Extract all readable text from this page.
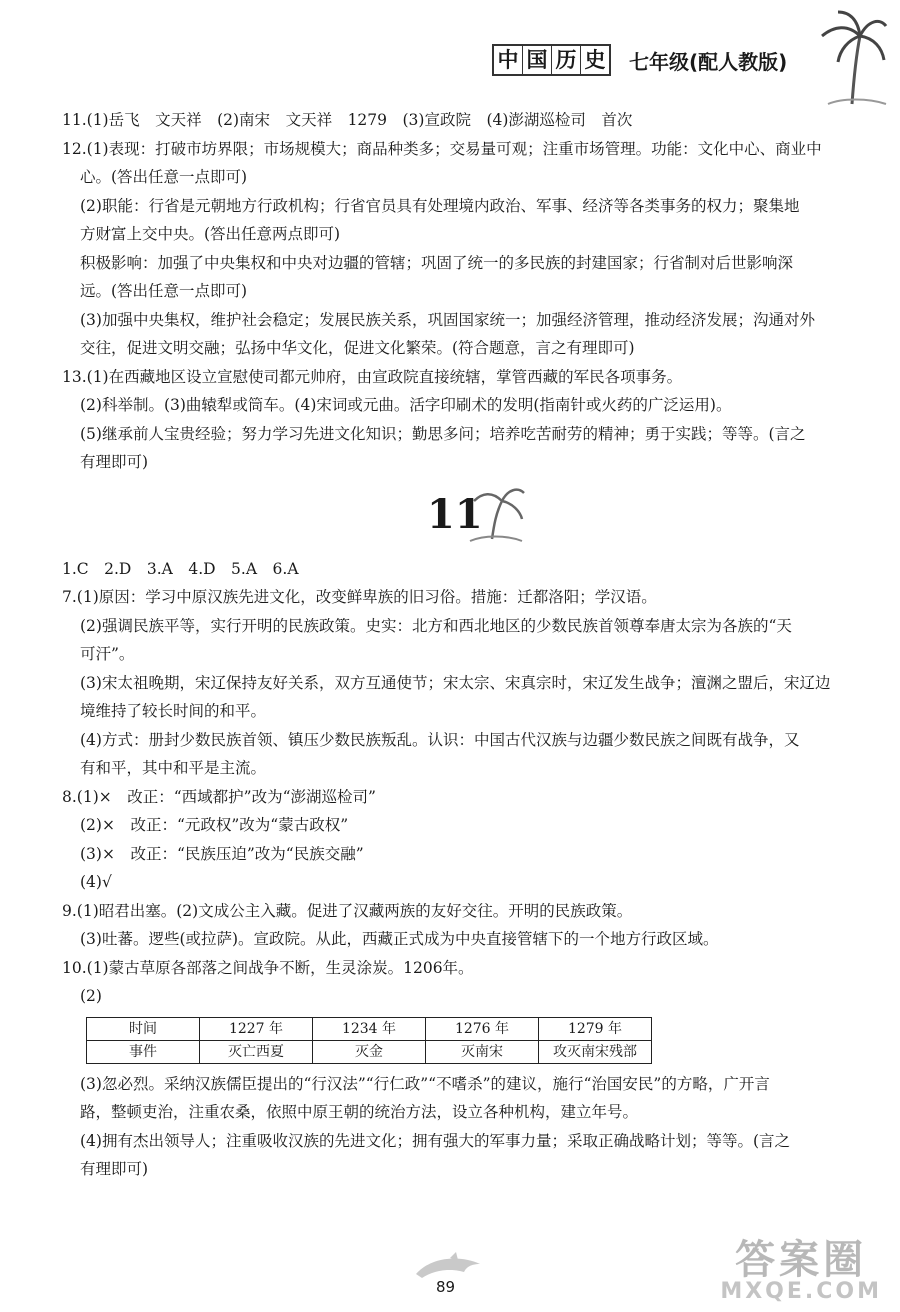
中 国 历 史 七年级(配人教版)
11.(1)岳飞　文天祥　(2)南宋　文天祥　1279　(3)宣政院　(4)澎湖巡检司　首次
12.(1)表现：打破市坊界限；市场规模大；商品种类多；交易量可观；注重市场管理。功能：文化中心、商业中
心。(答出任意一点即可)
(2)职能：行省是元朝地方行政机构；行省官员具有处理境内政治、军事、经济等各类事务的权力；聚集地
方财富上交中央。(答出任意两点即可)
积极影响：加强了中央集权和中央对边疆的管辖；巩固了统一的多民族的封建国家；行省制对后世影响深
远。(答出任意一点即可)
(3)加强中央集权，维护社会稳定；发展民族关系，巩固国家统一；加强经济管理，推动经济发展；沟通对外
交往，促进文明交融；弘扬中华文化，促进文化繁荣。(符合题意，言之有理即可)
13.(1)在西藏地区设立宣慰使司都元帅府，由宣政院直接统辖，掌管西藏的军民各项事务。
(2)科举制。(3)曲辕犁或筒车。(4)宋词或元曲。活字印刷术的发明(指南针或火药的广泛运用)。
(5)继承前人宝贵经验；努力学习先进文化知识；勤思多问；培养吃苦耐劳的精神；勇于实践；等等。(言之
有理即可)
11
1.C　2.D　3.A　4.D　5.A　6.A
7.(1)原因：学习中原汉族先进文化，改变鲜卑族的旧习俗。措施：迁都洛阳；学汉语。
(2)强调民族平等，实行开明的民族政策。史实：北方和西北地区的少数民族首领尊奉唐太宗为各族的“天
可汗”。
(3)宋太祖晚期，宋辽保持友好关系，双方互通使节；宋太宗、宋真宗时，宋辽发生战争；澶渊之盟后，宋辽边
境维持了较长时间的和平。
(4)方式：册封少数民族首领、镇压少数民族叛乱。认识：中国古代汉族与边疆少数民族之间既有战争，又
有和平，其中和平是主流。
8.(1)×　改正：“西域都护”改为“澎湖巡检司”
(2)×　改正：“元政权”改为“蒙古政权”
(3)×　改正：“民族压迫”改为“民族交融”
(4)√
9.(1)昭君出塞。(2)文成公主入藏。促进了汉藏两族的友好交往。开明的民族政策。
(3)吐蕃。逻些(或拉萨)。宣政院。从此，西藏正式成为中央直接管辖下的一个地方行政区域。
10.(1)蒙古草原各部落之间战争不断，生灵涂炭。1206年。
(2)
时间	1227 年	1234 年	1276 年	1279 年
事件	灭亡西夏	灭金	灭南宋	攻灭南宋残部
(3)忽必烈。采纳汉族儒臣提出的“行汉法”“行仁政”“不嗜杀”的建议，施行“治国安民”的方略，广开言
路，整顿吏治，注重农桑，依照中原王朝的统治方法，设立各种机构，建立年号。
(4)拥有杰出领导人；注重吸收汉族的先进文化；拥有强大的军事力量；采取正确战略计划；等等。(言之
有理即可)
89
答案圈
MXQE.COM
